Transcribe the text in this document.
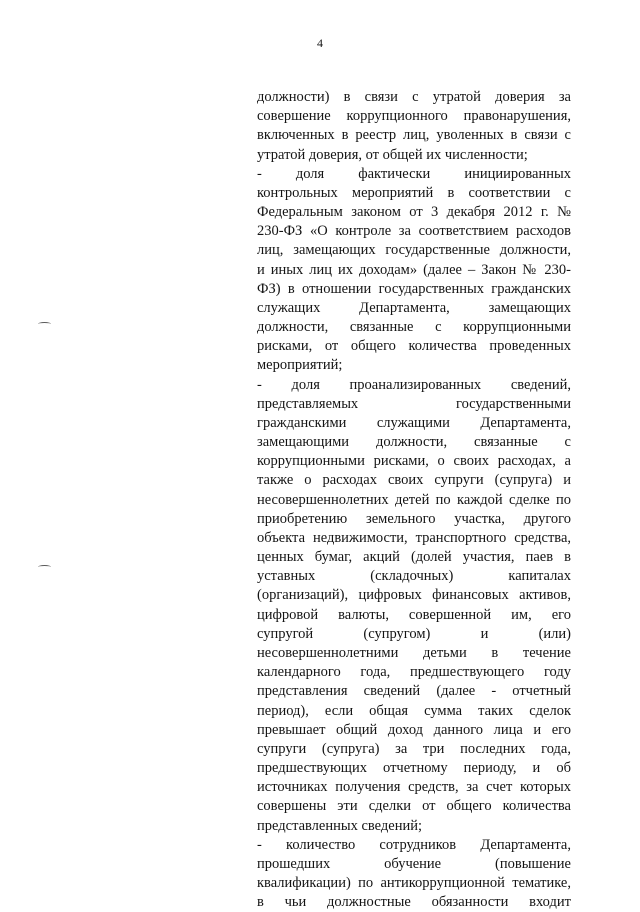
4
должности) в связи с утратой доверия за
совершение коррупционного правонарушения,
включенных в реестр лиц, уволенных в связи с
утратой доверия, от общей их численности;
- доля фактически инициированных
контрольных мероприятий в соответствии с
Федеральным законом от 3 декабря 2012 г. №
230-ФЗ «О контроле за соответствием расходов
лиц, замещающих государственные должности,
и иных лиц их доходам» (далее – Закон № 230-
ФЗ) в отношении государственных гражданских
служащих Департамента, замещающих
должности, связанные с коррупционными
рисками, от общего количества проведенных
мероприятий;
- доля проанализированных сведений,
представляемых государственными
гражданскими служащими Департамента,
замещающими должности, связанные с
коррупционными рисками, о своих расходах, а
также о расходах своих супруги (супруга) и
несовершеннолетних детей по каждой сделке по
приобретению земельного участка, другого
объекта недвижимости, транспортного средства,
ценных бумаг, акций (долей участия, паев в
уставных (складочных) капиталах
(организаций), цифровых финансовых активов,
цифровой валюты, совершенной им, его
супругой (супругом) и (или)
несовершеннолетними детьми в течение
календарного года, предшествующего году
представления сведений (далее - отчетный
период), если общая сумма таких сделок
превышает общий доход данного лица и его
супруги (супруга) за три последних года,
предшествующих отчетному периоду, и об
источниках получения средств, за счет которых
совершены эти сделки от общего количества
представленных сведений;
- количество сотрудников Департамента,
прошедших обучение (повышение
квалификации) по антикоррупционной тематике,
в чьи должностные обязанности входит
